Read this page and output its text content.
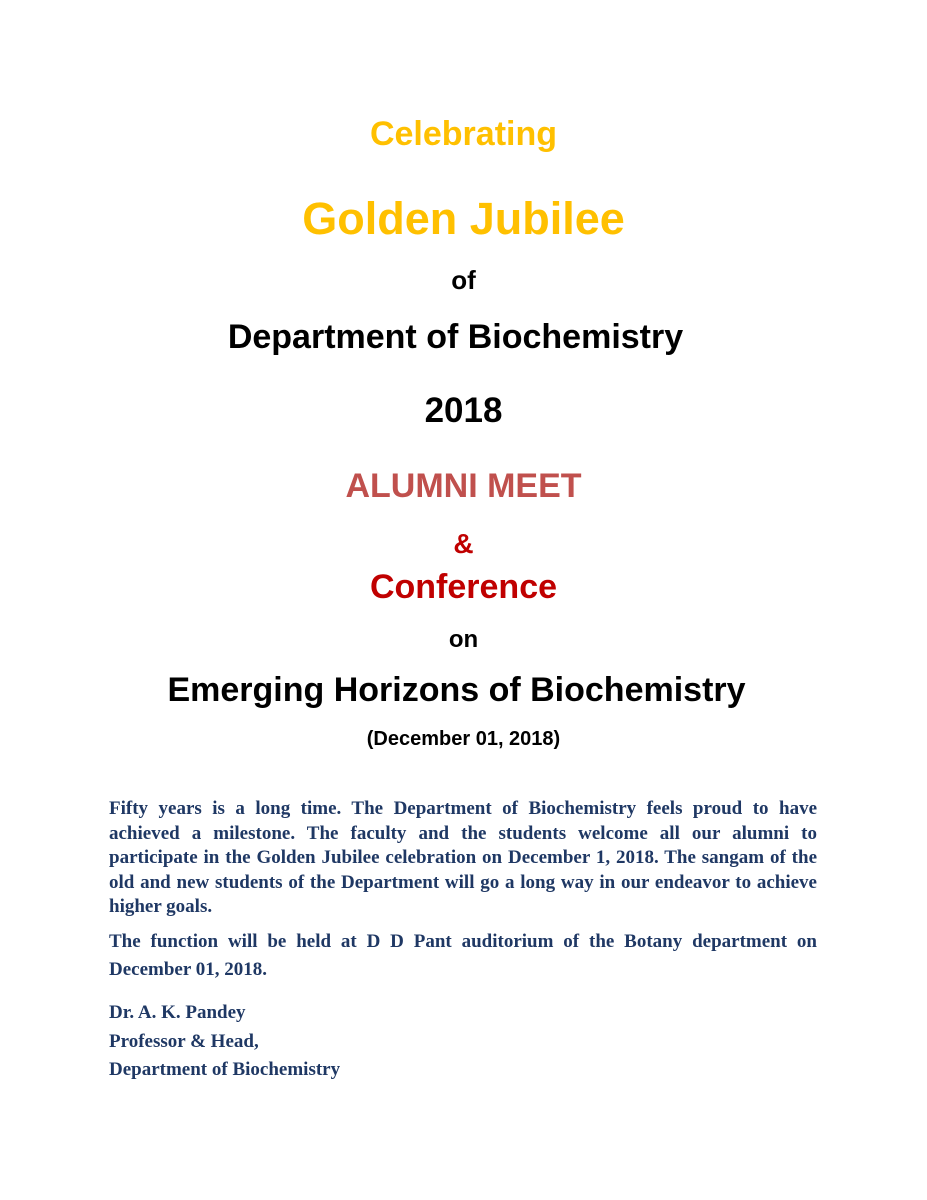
Celebrating
Golden Jubilee
of
Department of Biochemistry
2018
ALUMNI MEET
&
Conference
on
Emerging Horizons of Biochemistry
(December 01, 2018)
Fifty years is a long time. The Department of Biochemistry feels proud to have achieved a milestone. The faculty and the students welcome all our alumni to participate in the Golden Jubilee celebration on December 1, 2018. The sangam of the old and new students of the Department will go a long way in our endeavor to achieve higher goals.
The function will be held at D D Pant auditorium of the Botany department on December 01, 2018.
Dr. A. K. Pandey
Professor & Head,
Department of Biochemistry
